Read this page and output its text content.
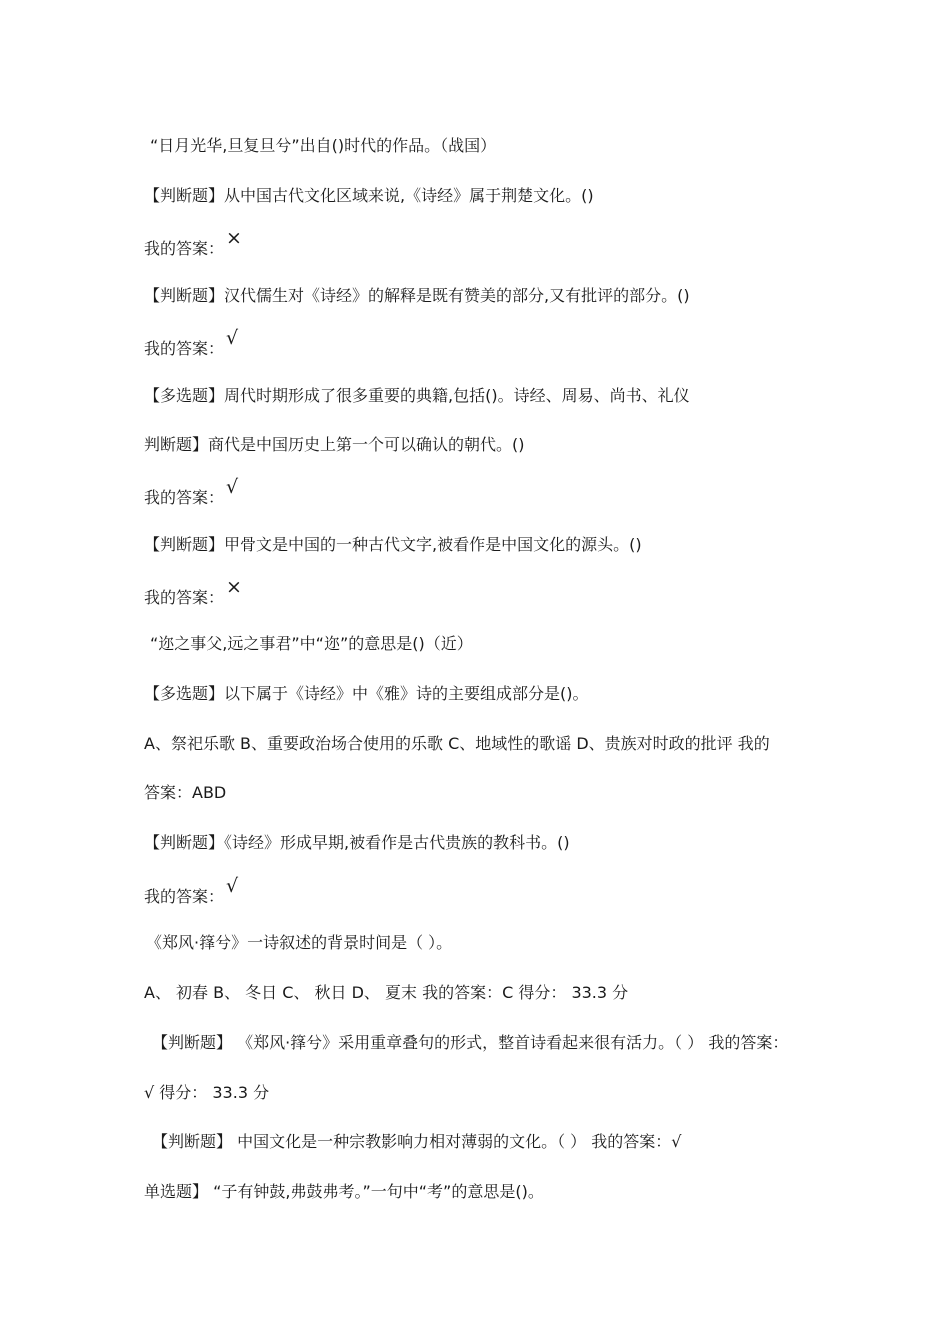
“日月光华,旦复旦兮”出自()时代的作品。（战国）
【判断题】从中国古代文化区域来说,《诗经》属于荆楚文化。()
我的答案： ×
【判断题】汉代儒生对《诗经》的解释是既有赞美的部分,又有批评的部分。()
我的答案： √
【多选题】周代时期形成了很多重要的典籍,包括()。诗经、周易、尚书、礼仪
判断题】商代是中国历史上第一个可以确认的朝代。()
我的答案： √
【判断题】甲骨文是中国的一种古代文字,被看作是中国文化的源头。()
我的答案： ×
“迩之事父,远之事君”中“迩”的意思是()（近）
【多选题】以下属于《诗经》中《雅》诗的主要组成部分是()。
A、祭祀乐歌 B、重要政治场合使用的乐歌 C、地域性的歌谣 D、贵族对时政的批评 我的
答案：ABD
【判断题】《诗经》形成早期,被看作是古代贵族的教科书。()
我的答案： √
《郑风·箨兮》一诗叙述的背景时间是（ ）。
A、 初春 B、 冬日 C、 秋日 D、 夏末 我的答案：C 得分： 33.3 分
【判断题】 《郑风·箨兮》采用重章叠句的形式，整首诗看起来很有活力。（ ） 我的答案：
√ 得分： 33.3 分
【判断题】 中国文化是一种宗教影响力相对薄弱的文化。（ ） 我的答案：√
单选题】 “子有钟鼓,弗鼓弗考。”一句中“考”的意思是()。
